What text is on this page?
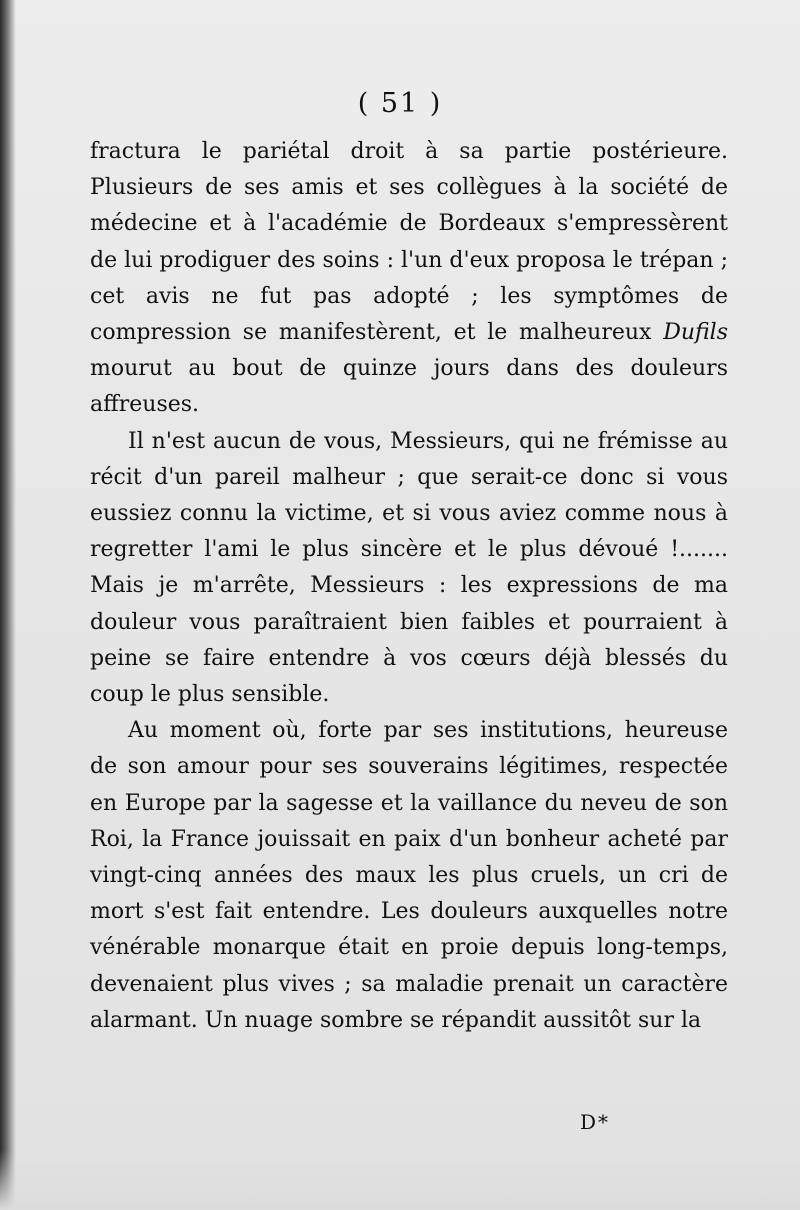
( 51 )

fractura le pariétal droit à sa partie postérieure. Plusieurs de ses amis et ses collègues à la société de médecine et à l'académie de Bordeaux s'empressèrent de lui prodiguer des soins : l'un d'eux proposa le trépan ; cet avis ne fut pas adopté ; les symptômes de compression se manifestèrent, et le malheureux Dufils mourut au bout de quinze jours dans des douleurs affreuses.

Il n'est aucun de vous, Messieurs, qui ne frémisse au récit d'un pareil malheur ; que serait-ce donc si vous eussiez connu la victime, et si vous aviez comme nous à regretter l'ami le plus sincère et le plus dévoué !....... Mais je m'arrête, Messieurs : les expressions de ma douleur vous paraîtraient bien faibles et pourraient à peine se faire entendre à vos cœurs déjà blessés du coup le plus sensible.

Au moment où, forte par ses institutions, heureuse de son amour pour ses souverains légitimes, respectée en Europe par la sagesse et la vaillance du neveu de son Roi, la France jouissait en paix d'un bonheur acheté par vingt-cinq années des maux les plus cruels, un cri de mort s'est fait entendre. Les douleurs auxquelles notre vénérable monarque était en proie depuis long-temps, devenaient plus vives ; sa maladie prenait un caractère alarmant. Un nuage sombre se répandit aussitôt sur la

D*
